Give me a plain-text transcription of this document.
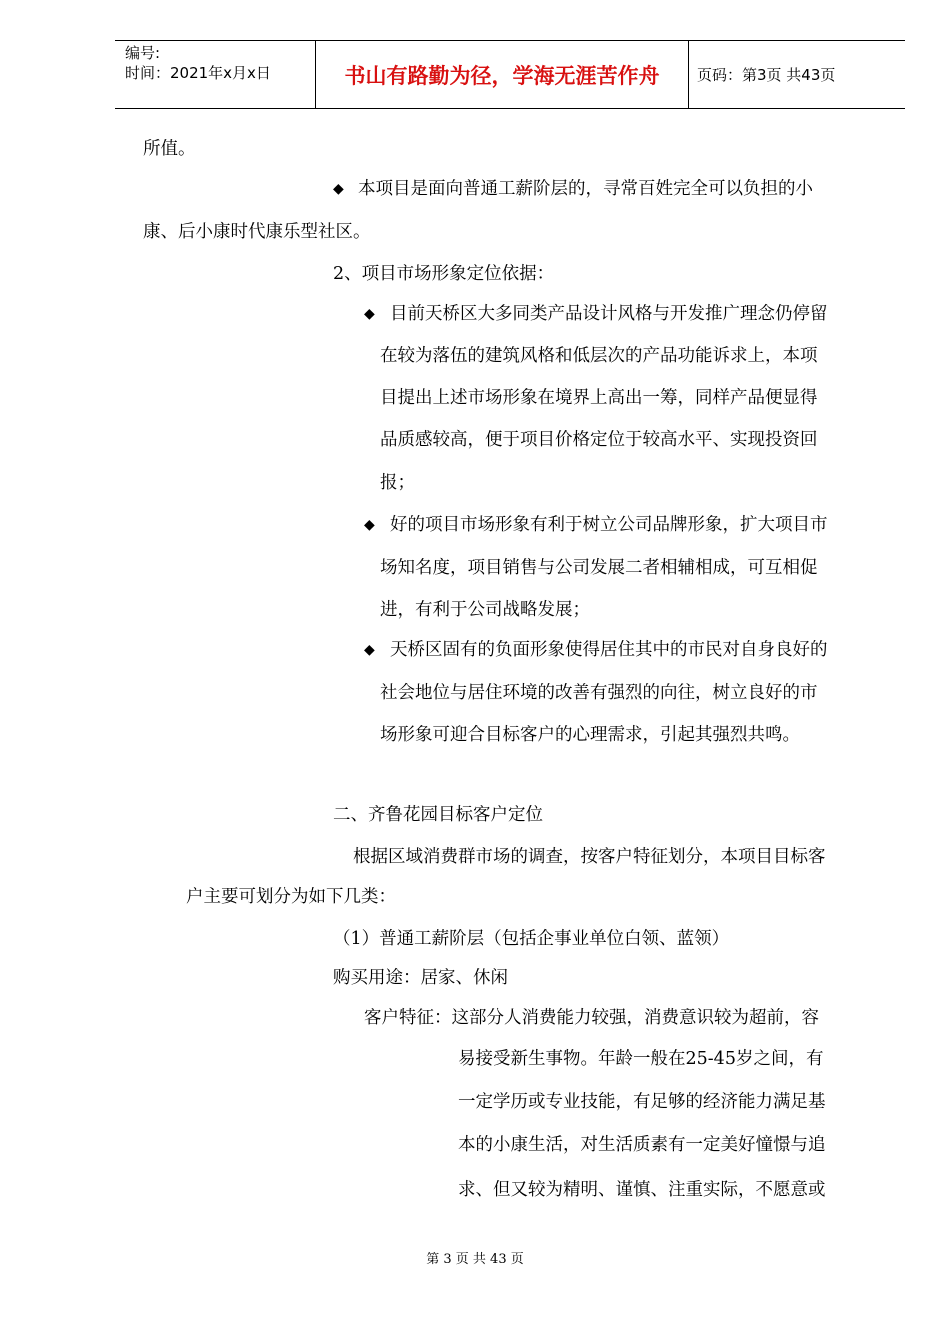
编号:
时间：2021年x月x日	书山有路勤为径，学海无涯苦作舟	页码：第3页 共43页
所值。
◆ 本项目是面向普通工薪阶层的，寻常百姓完全可以负担的小
康、后小康时代康乐型社区。
2、项目市场形象定位依据：
◆ 目前天桥区大多同类产品设计风格与开发推广理念仍停留
在较为落伍的建筑风格和低层次的产品功能诉求上，本项
目提出上述市场形象在境界上高出一筹，同样产品便显得
品质感较高，便于项目价格定位于较高水平、实现投资回
报；
◆ 好的项目市场形象有利于树立公司品牌形象，扩大项目市
场知名度，项目销售与公司发展二者相辅相成，可互相促
进，有利于公司战略发展；
◆ 天桥区固有的负面形象使得居住其中的市民对自身良好的
社会地位与居住环境的改善有强烈的向往，树立良好的市
场形象可迎合目标客户的心理需求，引起其强烈共鸣。
二、齐鲁花园目标客户定位
根据区域消费群市场的调查，按客户特征划分，本项目目标客
户主要可划分为如下几类：
（1）普通工薪阶层（包括企事业单位白领、蓝领）
购买用途：居家、休闲
客户特征：这部分人消费能力较强，消费意识较为超前，容
易接受新生事物。年龄一般在25-45岁之间，有
一定学历或专业技能，有足够的经济能力满足基
本的小康生活，对生活质素有一定美好憧憬与追
求、但又较为精明、谨慎、注重实际，不愿意或
第 3 页 共 43 页
